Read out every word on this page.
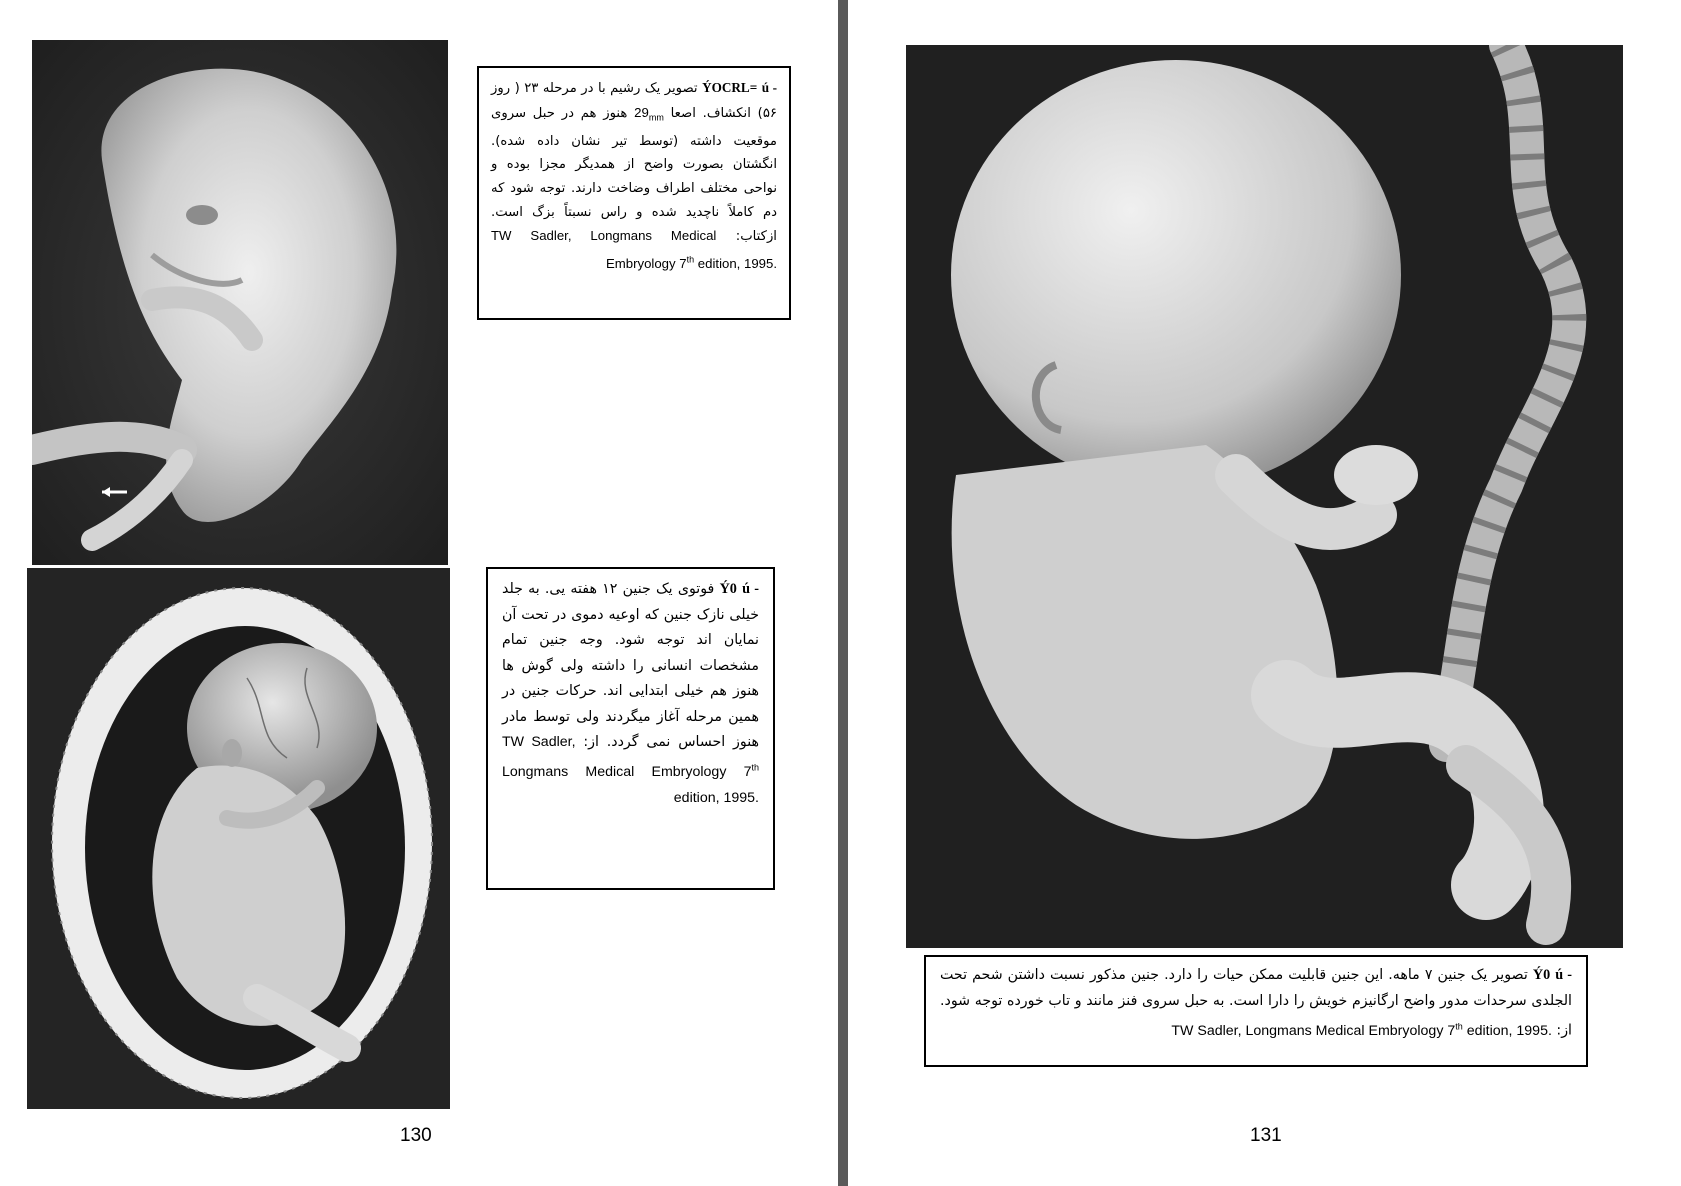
ÝOCRL= ú - تصویر یک رشیم با در مرحله ۲۳ ( روز ۵۶) انکشاف. اصعا $29_{mm}$ هنوز هم در حبل سروی موقعیت داشته (توسط تیر نشان داده شده). انگشتان بصورت واضح از همدیگر مجزا بوده و نواحی مختلف اطراف وضاخت دارند. توجه شود که دم کاملاً ناچدید شده و راس نسبتاً بزگ است. ازکتاب: TW Sadler, Longmans Medical Embryology 7th edition, 1995.

Ý0 ú - فوتوی یک جنین ۱۲ هفته یی. به جلد خیلی نازک جنین که اوعیه دموی در تحت آن نمایان اند توجه شود. وجه جنین تمام مشخصات انسانی را داشته ولی گوش ها هنوز هم خیلی ابتدایی اند. حرکات جنین در همین مرحله آغاز میگردند ولی توسط مادر هنوز احساس نمی گردد. از: TW Sadler, Longmans Medical Embryology 7th edition, 1995.

130

Ý0 ú - تصویر یک جنین ۷ ماهه. این جنین قابلیت ممکن حیات را دارد. جنین مذکور نسبت داشتن شحم تحت الجلدی سرحدات مدور واضح ارگانیزم خویش را دارا است. به حبل سروی فنز مانند و تاب خورده توجه شود. از: TW Sadler, Longmans Medical Embryology 7th edition, 1995.

131
